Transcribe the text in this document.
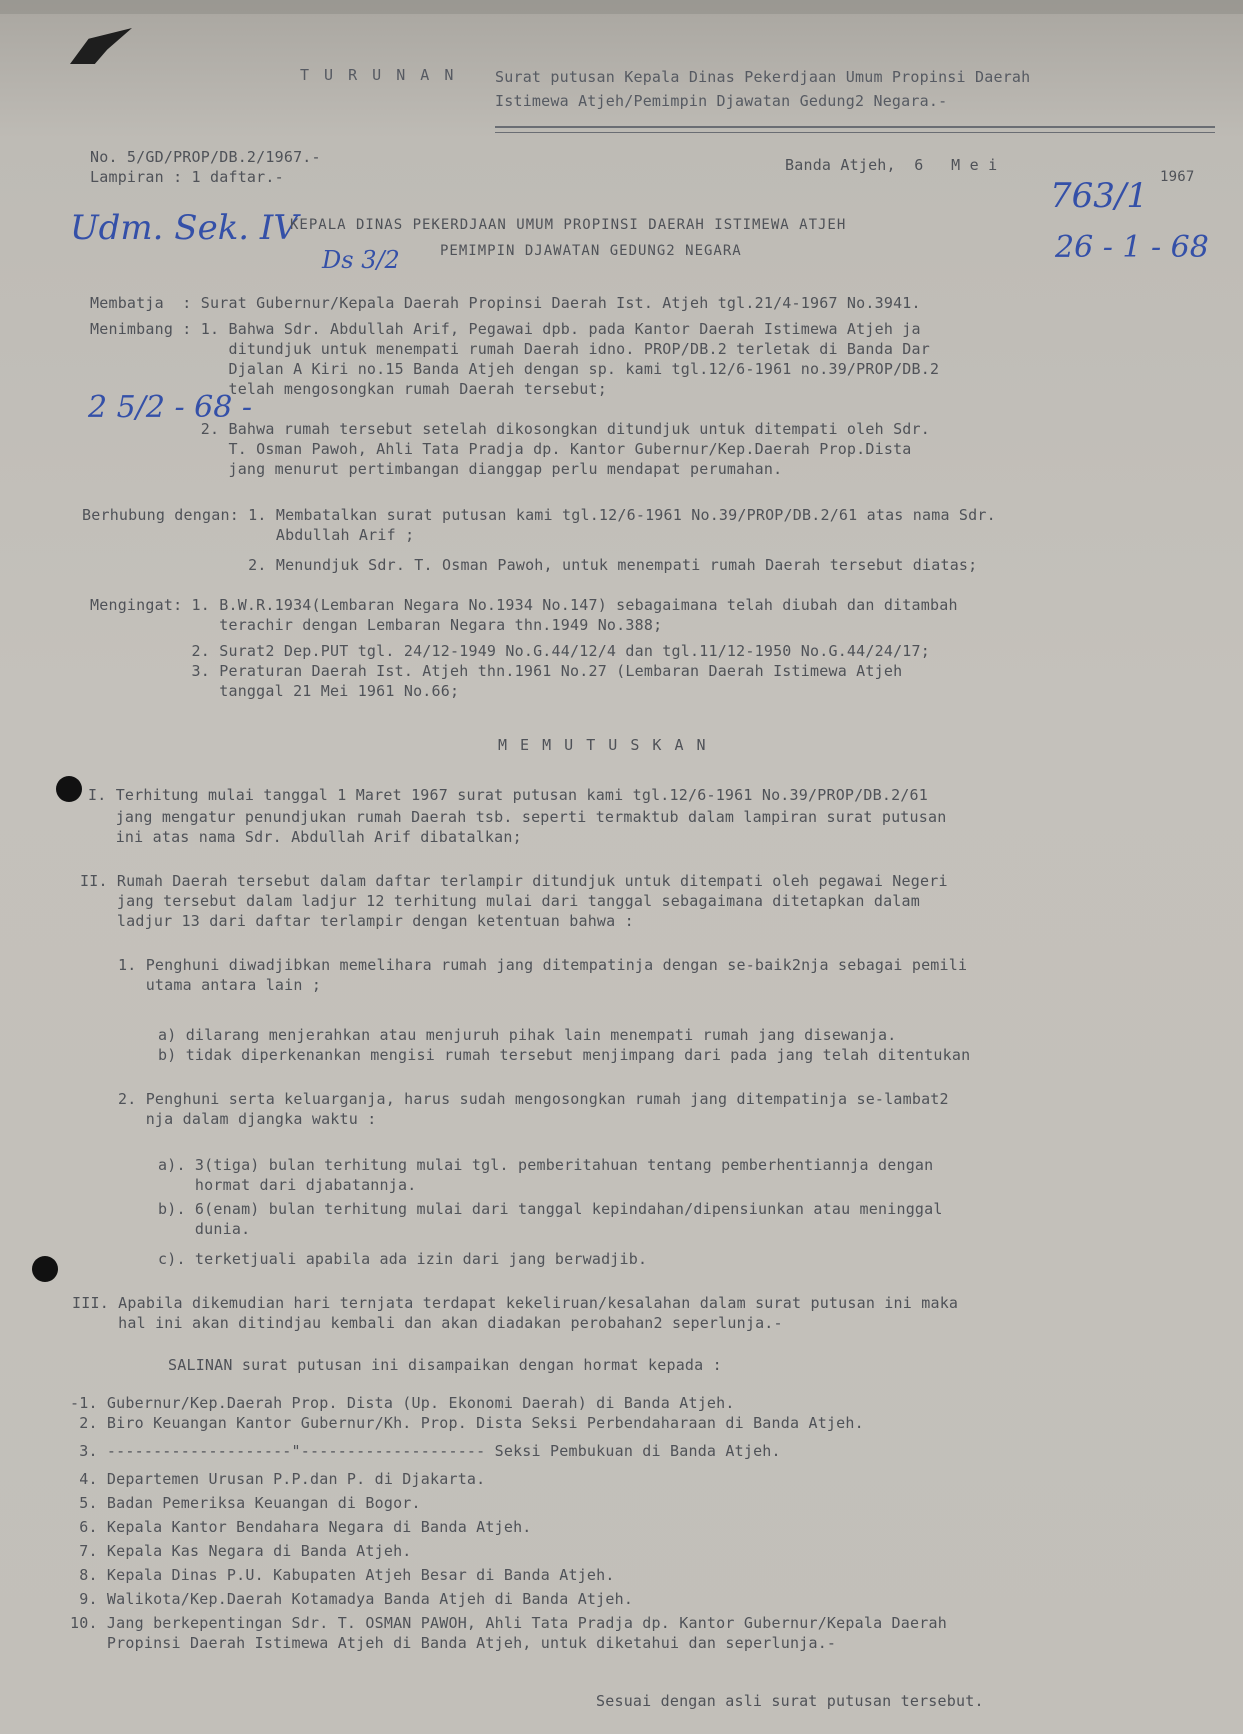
T U R U N A N	Surat putusan Kepala Dinas Pekerdjaan Umum Propinsi Daerah
Istimewa Atjeh/Pemimpin Djawatan Gedung2 Negara.-
No. 5/GD/PROP/DB.2/1967.-
Lampiran : 1 daftar.-
Banda Atjeh,  6   M e i
1967
Udm. Sek. IV
Ds 3/2
763/1
26 - 1 - 68
2 5/2 - 68 -
KEPALA DINAS PEKERDJAAN UMUM PROPINSI DAERAH ISTIMEWA ATJEH
PEMIMPIN DJAWATAN GEDUNG2 NEGARA
Membatja  : Surat Gubernur/Kepala Daerah Propinsi Daerah Ist. Atjeh tgl.21/4-1967 No.3941.
Menimbang : 1. Bahwa Sdr. Abdullah Arif, Pegawai dpb. pada Kantor Daerah Istimewa Atjeh ja
ditundjuk untuk menempati rumah Daerah idno. PROP/DB.2 terletak di Banda Dar
Djalan A Kiri no.15 Banda Atjeh dengan sp. kami tgl.12/6-1961 no.39/PROP/DB.2
telah mengosongkan rumah Daerah tersebut;
2. Bahwa rumah tersebut setelah dikosongkan ditundjuk untuk ditempati oleh Sdr.
T. Osman Pawoh, Ahli Tata Pradja dp. Kantor Gubernur/Kep.Daerah Prop.Dista
jang menurut pertimbangan dianggap perlu mendapat perumahan.
Berhubung dengan: 1. Membatalkan surat putusan kami tgl.12/6-1961 No.39/PROP/DB.2/61 atas nama Sdr.
Abdullah Arif ;
2. Menundjuk Sdr. T. Osman Pawoh, untuk menempati rumah Daerah tersebut diatas;
Mengingat: 1. B.W.R.1934(Lembaran Negara No.1934 No.147) sebagaimana telah diubah dan ditambah
terachir dengan Lembaran Negara thn.1949 No.388;
2. Surat2 Dep.PUT tgl. 24/12-1949 No.G.44/12/4 dan tgl.11/12-1950 No.G.44/24/17;
3. Peraturan Daerah Ist. Atjeh thn.1961 No.27 (Lembaran Daerah Istimewa Atjeh
tanggal 21 Mei 1961 No.66;
M E M U T U S K A N
I. Terhitung mulai tanggal 1 Maret 1967 surat putusan kami tgl.12/6-1961 No.39/PROP/DB.2/61
jang mengatur penundjukan rumah Daerah tsb. seperti termaktub dalam lampiran surat putusan
ini atas nama Sdr. Abdullah Arif dibatalkan;
II. Rumah Daerah tersebut dalam daftar terlampir ditundjuk untuk ditempati oleh pegawai Negeri
jang tersebut dalam ladjur 12 terhitung mulai dari tanggal sebagaimana ditetapkan dalam
ladjur 13 dari daftar terlampir dengan ketentuan bahwa :
1. Penghuni diwadjibkan memelihara rumah jang ditempatinja dengan se-baik2nja sebagai pemili
utama antara lain ;
a) dilarang menjerahkan atau menjuruh pihak lain menempati rumah jang disewanja.
b) tidak diperkenankan mengisi rumah tersebut menjimpang dari pada jang telah ditentukan
2. Penghuni serta keluarganja, harus sudah mengosongkan rumah jang ditempatinja se-lambat2
nja dalam djangka waktu :
a). 3(tiga) bulan terhitung mulai tgl. pemberitahuan tentang pemberhentiannja dengan
hormat dari djabatannja.
b). 6(enam) bulan terhitung mulai dari tanggal kepindahan/dipensiunkan atau meninggal
dunia.
c). terketjuali apabila ada izin dari jang berwadjib.
III. Apabila dikemudian hari ternjata terdapat kekeliruan/kesalahan dalam surat putusan ini maka
hal ini akan ditindjau kembali dan akan diadakan perobahan2 seperlunja.-
SALINAN surat putusan ini disampaikan dengan hormat kepada :
-1. Gubernur/Kep.Daerah Prop. Dista (Up. Ekonomi Daerah) di Banda Atjeh.
2. Biro Keuangan Kantor Gubernur/Kh. Prop. Dista Seksi Perbendaharaan di Banda Atjeh.
3. --------------------"-------------------- Seksi Pembukuan di Banda Atjeh.
4. Departemen Urusan P.P.dan P. di Djakarta.
5. Badan Pemeriksa Keuangan di Bogor.
6. Kepala Kantor Bendahara Negara di Banda Atjeh.
7. Kepala Kas Negara di Banda Atjeh.
8. Kepala Dinas P.U. Kabupaten Atjeh Besar di Banda Atjeh.
9. Walikota/Kep.Daerah Kotamadya Banda Atjeh di Banda Atjeh.
10. Jang berkepentingan Sdr. T. OSMAN PAWOH, Ahli Tata Pradja dp. Kantor Gubernur/Kepala Daerah
Propinsi Daerah Istimewa Atjeh di Banda Atjeh, untuk diketahui dan seperlunja.-
Sesuai dengan asli surat putusan tersebut.
